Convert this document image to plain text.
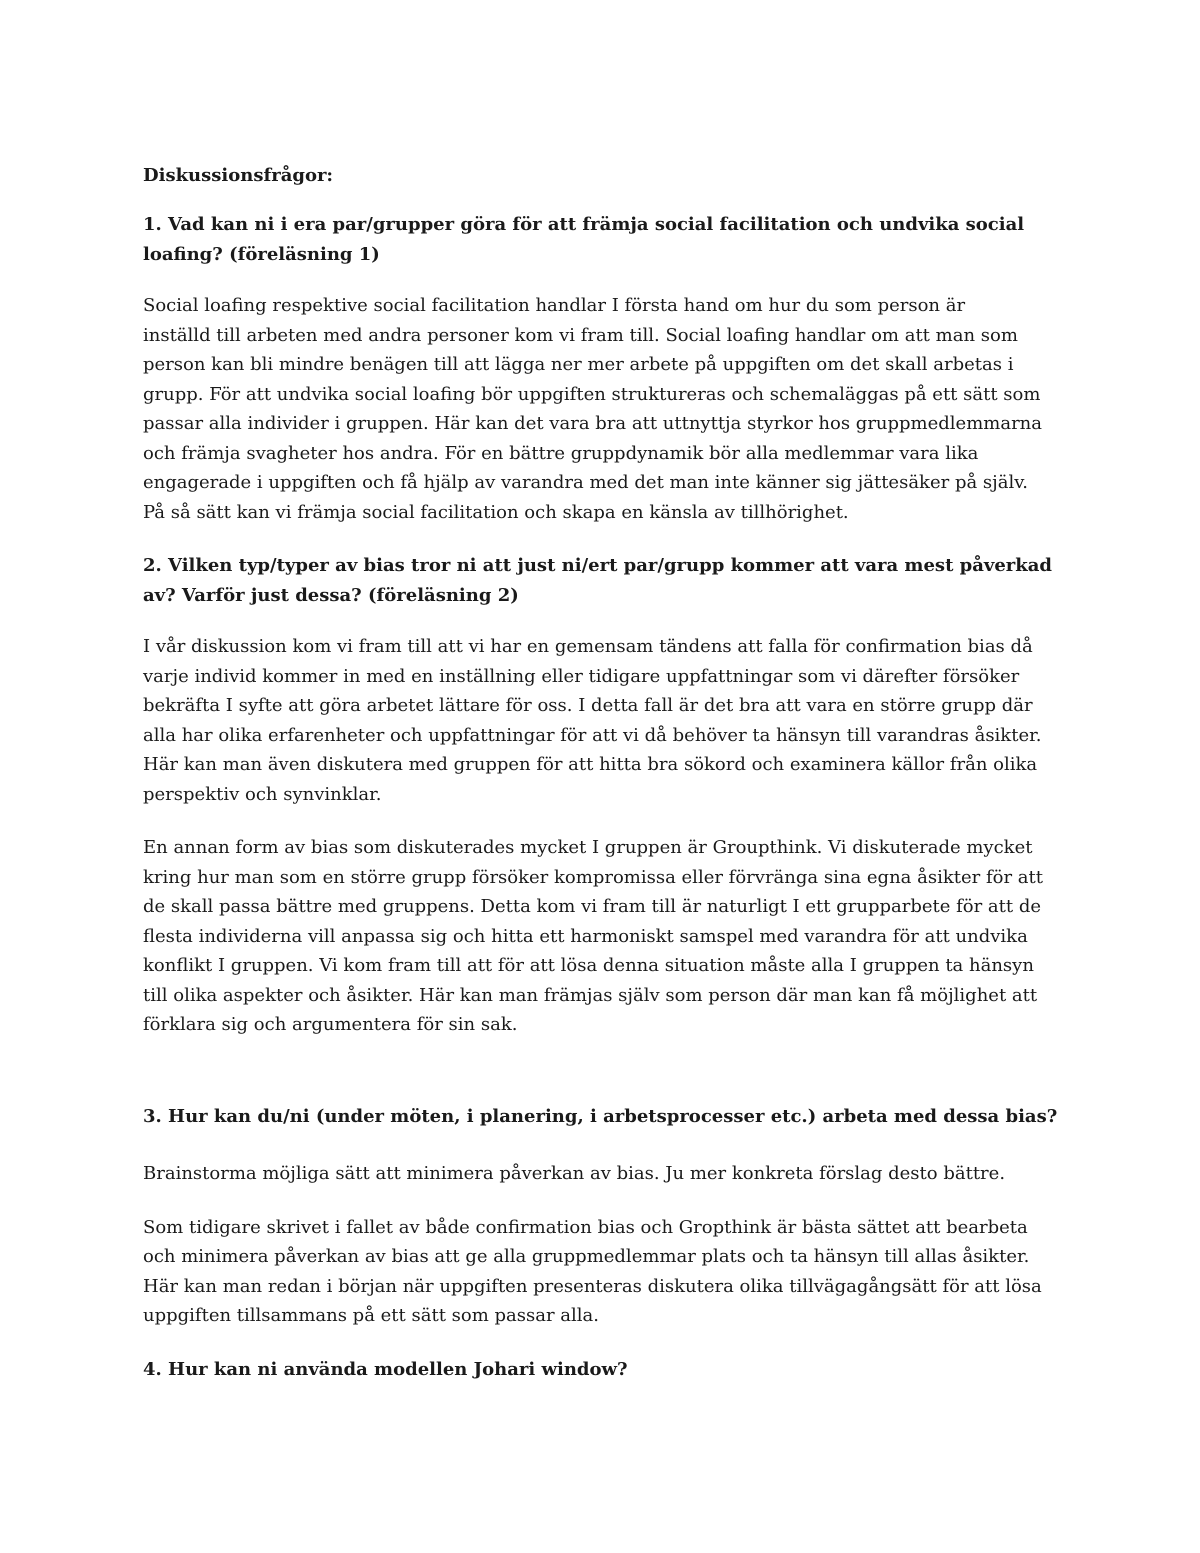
Diskussionsfrågor:

1. Vad kan ni i era par/grupper göra för att främja social facilitation och undvika social
loafing? (föreläsning 1)

Social loafing respektive social facilitation handlar I första hand om hur du som person är
inställd till arbeten med andra personer kom vi fram till. Social loafing handlar om att man som
person kan bli mindre benägen till att lägga ner mer arbete på uppgiften om det skall arbetas i
grupp. För att undvika social loafing bör uppgiften struktureras och schemaläggas på ett sätt som
passar alla individer i gruppen. Här kan det vara bra att uttnyttja styrkor hos gruppmedlemmarna
och främja svagheter hos andra. För en bättre gruppdynamik bör alla medlemmar vara lika
engagerade i uppgiften och få hjälp av varandra med det man inte känner sig jättesäker på själv.
På så sätt kan vi främja social facilitation och skapa en känsla av tillhörighet.

2. Vilken typ/typer av bias tror ni att just ni/ert par/grupp kommer att vara mest påverkad
av? Varför just dessa? (föreläsning 2)

I vår diskussion kom vi fram till att vi har en gemensam tändens att falla för confirmation bias då
varje individ kommer in med en inställning eller tidigare uppfattningar som vi därefter försöker
bekräfta I syfte att göra arbetet lättare för oss. I detta fall är det bra att vara en större grupp där
alla har olika erfarenheter och uppfattningar för att vi då behöver ta hänsyn till varandras åsikter.
Här kan man även diskutera med gruppen för att hitta bra sökord och examinera källor från olika
perspektiv och synvinklar.

En annan form av bias som diskuterades mycket I gruppen är Groupthink. Vi diskuterade mycket
kring hur man som en större grupp försöker kompromissa eller förvränga sina egna åsikter för att
de skall passa bättre med gruppens. Detta kom vi fram till är naturligt I ett grupparbete för att de
flesta individerna vill anpassa sig och hitta ett harmoniskt samspel med varandra för att undvika
konflikt I gruppen. Vi kom fram till att för att lösa denna situation måste alla I gruppen ta hänsyn
till olika aspekter och åsikter. Här kan man främjas själv som person där man kan få möjlighet att
förklara sig och argumentera för sin sak.

3. Hur kan du/ni (under möten, i planering, i arbetsprocesser etc.) arbeta med dessa bias?

Brainstorma möjliga sätt att minimera påverkan av bias. Ju mer konkreta förslag desto bättre.

Som tidigare skrivet i fallet av både confirmation bias och Gropthink är bästa sättet att bearbeta
och minimera påverkan av bias att ge alla gruppmedlemmar plats och ta hänsyn till allas åsikter.
Här kan man redan i början när uppgiften presenteras diskutera olika tillvägagångsätt för att lösa
uppgiften tillsammans på ett sätt som passar alla.

4. Hur kan ni använda modellen Johari window?
